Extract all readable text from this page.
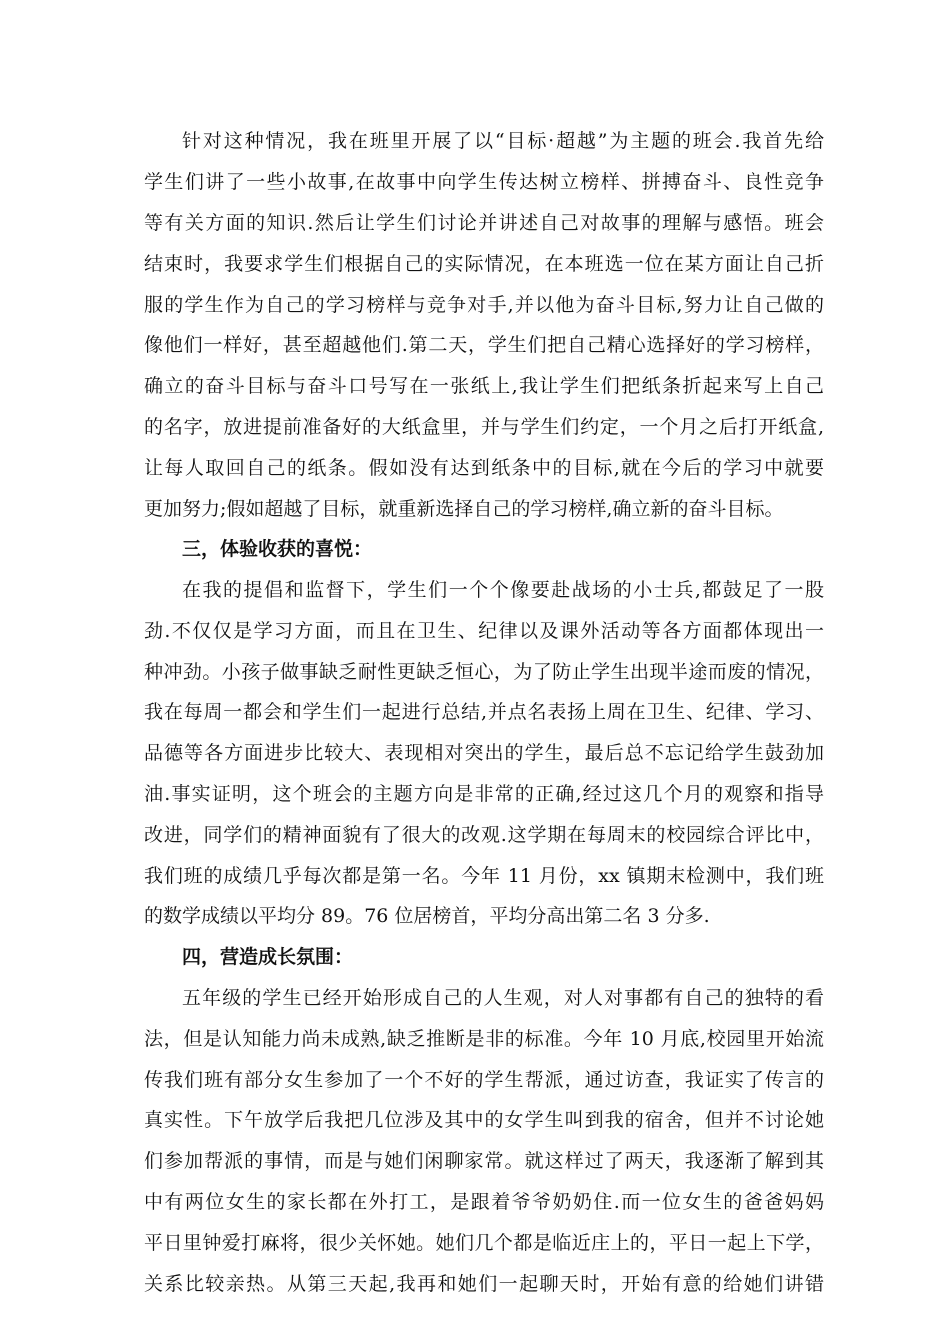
针对这种情况，我在班里开展了以“目标·超越”为主题的班会.我首先给
学生们讲了一些小故事,在故事中向学生传达树立榜样、拼搏奋斗、良性竞争
等有关方面的知识.然后让学生们讨论并讲述自己对故事的理解与感悟。班会
结束时，我要求学生们根据自己的实际情况，在本班选一位在某方面让自己折
服的学生作为自己的学习榜样与竞争对手,并以他为奋斗目标,努力让自己做的
像他们一样好，甚至超越他们.第二天，学生们把自己精心选择好的学习榜样，
确立的奋斗目标与奋斗口号写在一张纸上,我让学生们把纸条折起来写上自己
的名字，放进提前准备好的大纸盒里，并与学生们约定，一个月之后打开纸盒,
让每人取回自己的纸条。假如没有达到纸条中的目标,就在今后的学习中就要
更加努力;假如超越了目标，就重新选择自己的学习榜样,确立新的奋斗目标。
三，体验收获的喜悦：
在我的提倡和监督下，学生们一个个像要赴战场的小士兵,都鼓足了一股
劲.不仅仅是学习方面，而且在卫生、纪律以及课外活动等各方面都体现出一
种冲劲。小孩子做事缺乏耐性更缺乏恒心，为了防止学生出现半途而废的情况，
我在每周一都会和学生们一起进行总结,并点名表扬上周在卫生、纪律、学习、
品德等各方面进步比较大、表现相对突出的学生，最后总不忘记给学生鼓劲加
油.事实证明，这个班会的主题方向是非常的正确,经过这几个月的观察和指导
改进，同学们的精神面貌有了很大的改观.这学期在每周末的校园综合评比中，
我们班的成绩几乎每次都是第一名。今年 11 月份，xx 镇期末检测中，我们班
的数学成绩以平均分 89。76 位居榜首，平均分高出第二名 3 分多.
四，营造成长氛围：
五年级的学生已经开始形成自己的人生观，对人对事都有自己的独特的看
法，但是认知能力尚未成熟,缺乏推断是非的标准。今年 10 月底,校园里开始流
传我们班有部分女生参加了一个不好的学生帮派，通过访查，我证实了传言的
真实性。下午放学后我把几位涉及其中的女学生叫到我的宿舍，但并不讨论她
们参加帮派的事情，而是与她们闲聊家常。就这样过了两天，我逐渐了解到其
中有两位女生的家长都在外打工，是跟着爷爷奶奶住.而一位女生的爸爸妈妈
平日里钟爱打麻将，很少关怀她。她们几个都是临近庄上的，平日一起上下学，
关系比较亲热。从第三天起,我再和她们一起聊天时，开始有意的给她们讲错
